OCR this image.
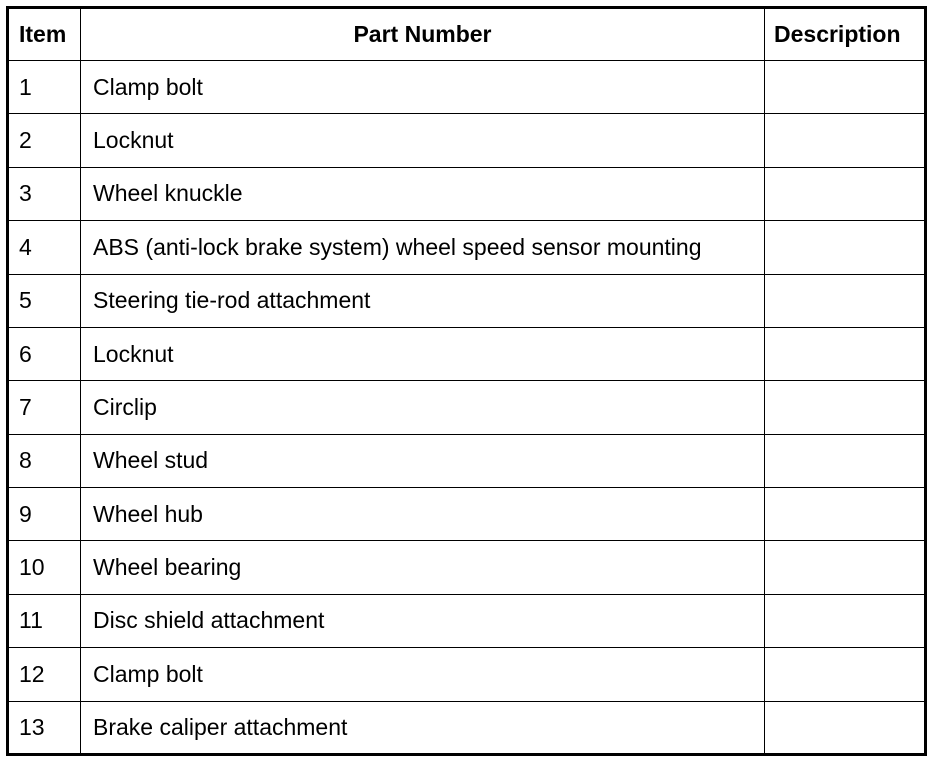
Item	Part Number	Description
1	Clamp bolt	
2	Locknut	
3	Wheel knuckle	
4	ABS (anti-lock brake system) wheel speed sensor mounting	
5	Steering tie-rod attachment	
6	Locknut	
7	Circlip	
8	Wheel stud	
9	Wheel hub	
10	Wheel bearing	
11	Disc shield attachment	
12	Clamp bolt	
13	Brake caliper attachment	
